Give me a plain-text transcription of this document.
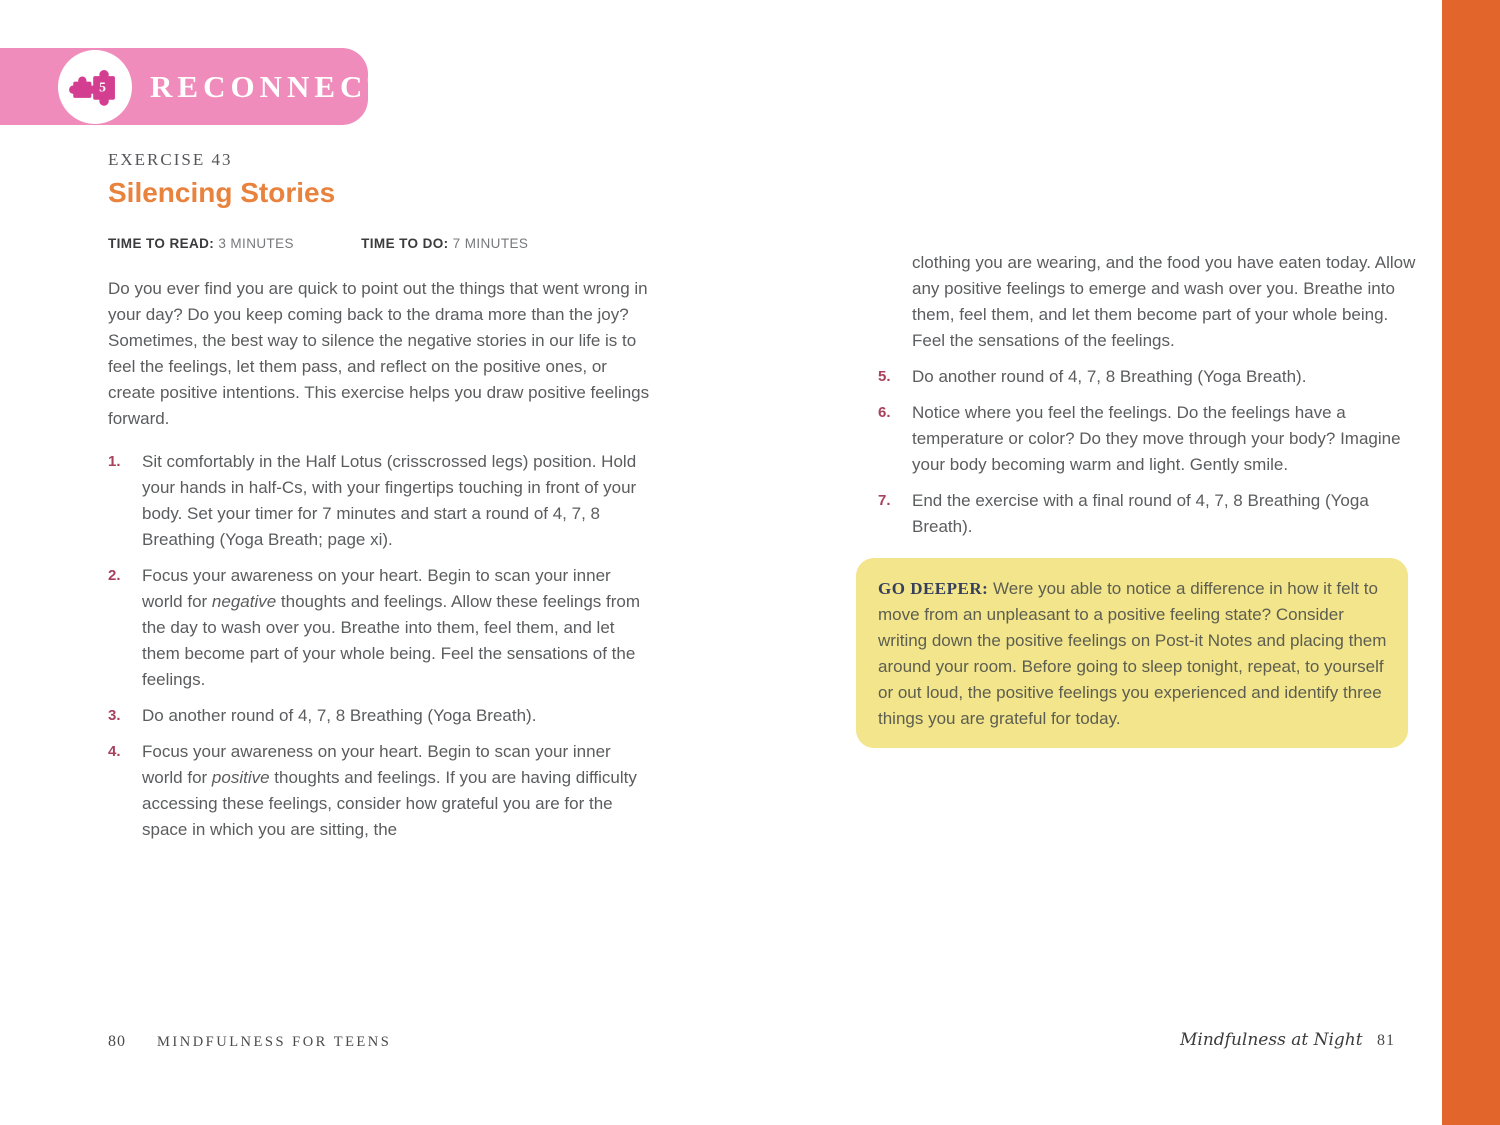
5 RECONNECT
EXERCISE 43
Silencing Stories
TIME TO READ: 3 MINUTES	TIME TO DO: 7 MINUTES

Do you ever find you are quick to point out the things that went wrong in your day? Do you keep coming back to the drama more than the joy? Sometimes, the best way to silence the negative stories in our life is to feel the feelings, let them pass, and reflect on the positive ones, or create positive intentions. This exercise helps you draw positive feelings forward.

1.	Sit comfortably in the Half Lotus (crisscrossed legs) position. Hold your hands in half-Cs, with your fingertips touching in front of your body. Set your timer for 7 minutes and start a round of 4, 7, 8 Breathing (Yoga Breath; page xi).
2.	Focus your awareness on your heart. Begin to scan your inner world for negative thoughts and feelings. Allow these feelings from the day to wash over you. Breathe into them, feel them, and let them become part of your whole being. Feel the sensations of the feelings.
3.	Do another round of 4, 7, 8 Breathing (Yoga Breath).
4.	Focus your awareness on your heart. Begin to scan your inner world for positive thoughts and feelings. If you are having difficulty accessing these feelings, consider how grateful you are for the space in which you are sitting, the

clothing you are wearing, and the food you have eaten today. Allow any positive feelings to emerge and wash over you. Breathe into them, feel them, and let them become part of your whole being. Feel the sensations of the feelings.

5.	Do another round of 4, 7, 8 Breathing (Yoga Breath).
6.	Notice where you feel the feelings. Do the feelings have a temperature or color? Do they move through your body? Imagine your body becoming warm and light. Gently smile.
7.	End the exercise with a final round of 4, 7, 8 Breathing (Yoga Breath).
GO DEEPER: Were you able to notice a difference in how it felt to move from an unpleasant to a positive feeling state? Consider writing down the positive feelings on Post-it Notes and placing them around your room. Before going to sleep tonight, repeat, to yourself or out loud, the positive feelings you experienced and identify three things you are grateful for today.
80 MINDFULNESS FOR TEENS	Mindfulness at Night 81
